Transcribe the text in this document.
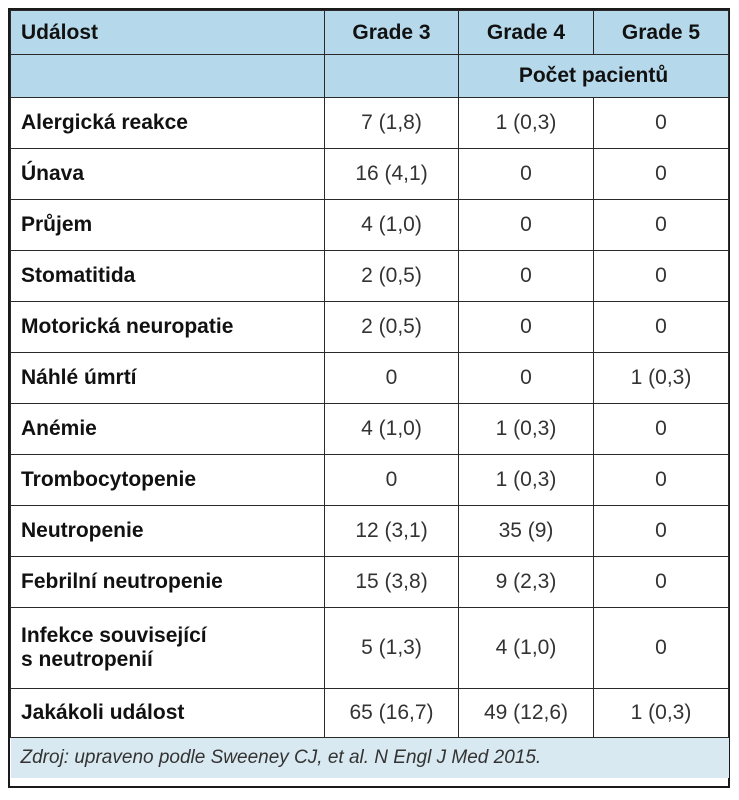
Událost	Grade 3	Grade 4	Grade 5
		Počet pacientů	

Alergická reakce	7 (1,8)	1 (0,3)	0

Únava	16 (4,1)	0	0

Průjem	4 (1,0)	0	0

Stomatitida	2 (0,5)	0	0

Motorická neuropatie	2 (0,5)	0	0

Náhlé úmrtí	0	0	1 (0,3)

Anémie	4 (1,0)	1 (0,3)	0

Trombocytopenie	0	1 (0,3)	0

Neutropenie	12 (3,1)	35 (9)	0

Febrilní neutropenie	15 (3,8)	9 (2,3)	0

Infekce související
s neutropenií	5 (1,3)	4 (1,0)	0

Jakákoli událost	65 (16,7)	49 (12,6)	1 (0,3)
Zdroj: upraveno podle Sweeney CJ, et al. N Engl J Med 2015.			
